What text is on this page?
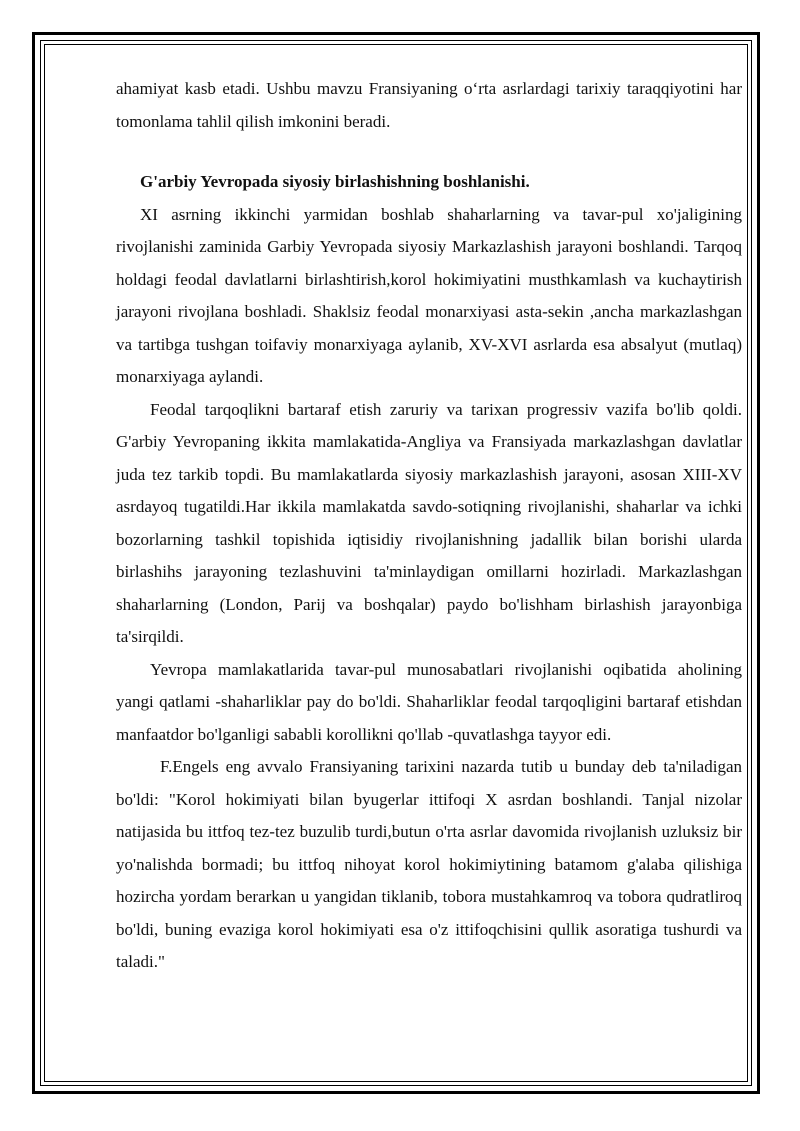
ahamiyat kasb etadi. Ushbu mavzu Fransiyaning o‘rta asrlardagi tarixiy taraqqiyotini har tomonlama tahlil qilish imkonini beradi.

G'arbiy Yevropada siyosiy birlashishning boshlanishi.

XI asrning ikkinchi yarmidan boshlab shaharlarning va tavar-pul xo'jaligining rivojlanishi zaminida Garbiy Yevropada siyosiy Markazlashish jarayoni boshlandi. Tarqoq holdagi feodal davlatlarni birlashtirish,korol hokimiyatini musthkamlash va kuchaytirish jarayoni rivojlana boshladi. Shaklsiz feodal monarxiyasi asta-sekin ,ancha markazlashgan va tartibga tushgan toifaviy monarxiyaga aylanib, XV-XVI asrlarda esa absalyut (mutlaq) monarxiyaga aylandi.

Feodal tarqoqlikni bartaraf etish zaruriy va tarixan progressiv vazifa bo'lib qoldi. G'arbiy Yevropaning ikkita mamlakatida-Angliya va Fransiyada markazlashgan davlatlar juda tez tarkib topdi. Bu mamlakatlarda siyosiy markazlashish jarayoni, asosan XIII-XV asrdayoq tugatildi.Har ikkila mamlakatda savdo-sotiqning rivojlanishi, shaharlar va ichki bozorlarning tashkil topishida iqtisidiy rivojlanishning jadallik bilan borishi ularda birlashihs jarayoning tezlashuvini ta'minlaydigan omillarni hozirladi. Markazlashgan shaharlarning (London, Parij va boshqalar) paydo bo'lishham birlashish jarayonbiga ta'sirqildi.

Yevropa mamlakatlarida tavar-pul munosabatlari rivojlanishi oqibatida aholining yangi qatlami -shaharliklar pay do bo'ldi. Shaharliklar feodal tarqoqligini bartaraf etishdan manfaatdor bo'lganligi sababli korollikni qo'llab -quvatlashga tayyor edi.

F.Engels eng avvalo Fransiyaning tarixini nazarda tutib u bunday deb ta'niladigan bo'ldi: "Korol hokimiyati bilan byugerlar ittifoqi X asrdan boshlandi. Tanjal nizolar natijasida bu ittfoq tez-tez buzulib turdi,butun o'rta asrlar davomida rivojlanish uzluksiz bir yo'nalishda bormadi; bu ittfoq nihoyat korol hokimiytining batamom g'alaba qilishiga hozircha yordam berarkan u yangidan tiklanib, tobora mustahkamroq va tobora qudratliroq bo'ldi, buning evaziga korol hokimiyati esa o'z ittifoqchisini qullik asoratiga tushurdi va taladi."
